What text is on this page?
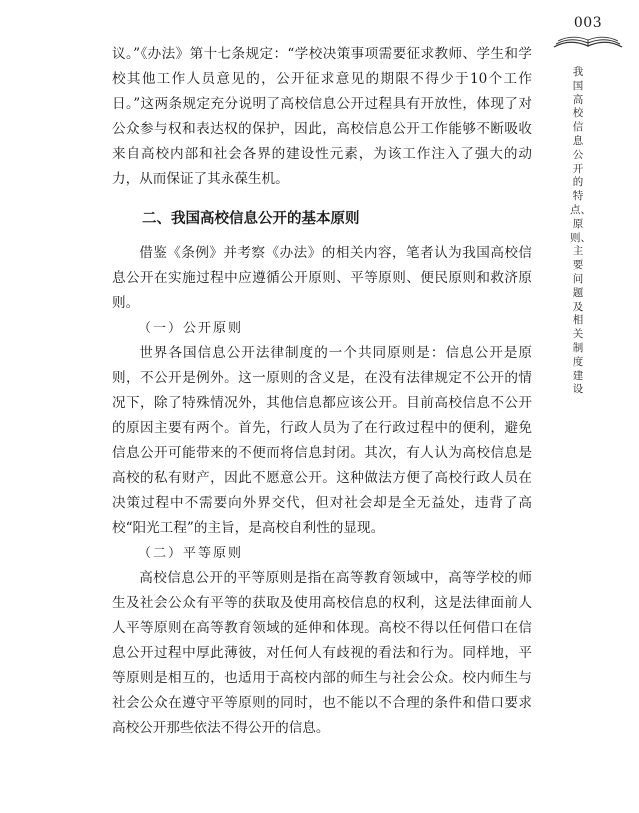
003
我国高校信息公开的特点、原则、主要问题及相关制度建设

议。”《办法》第十七条规定：“学校决策事项需要征求教师、学生和学校其他工作人员意见的，公开征求意见的期限不得少于10个工作日。”这两条规定充分说明了高校信息公开过程具有开放性，体现了对公众参与权和表达权的保护，因此，高校信息公开工作能够不断吸收来自高校内部和社会各界的建设性元素，为该工作注入了强大的动力，从而保证了其永葆生机。

二、我国高校信息公开的基本原则

借鉴《条例》并考察《办法》的相关内容，笔者认为我国高校信息公开在实施过程中应遵循公开原则、平等原则、便民原则和救济原则。

（一）公开原则

世界各国信息公开法律制度的一个共同原则是：信息公开是原则，不公开是例外。这一原则的含义是，在没有法律规定不公开的情况下，除了特殊情况外，其他信息都应该公开。目前高校信息不公开的原因主要有两个。首先，行政人员为了在行政过程中的便利，避免信息公开可能带来的不便而将信息封闭。其次，有人认为高校信息是高校的私有财产，因此不愿意公开。这种做法方便了高校行政人员在决策过程中不需要向外界交代，但对社会却是全无益处，违背了高校“阳光工程”的主旨，是高校自利性的显现。

（二）平等原则

高校信息公开的平等原则是指在高等教育领域中，高等学校的师生及社会公众有平等的获取及使用高校信息的权利，这是法律面前人人平等原则在高等教育领域的延伸和体现。高校不得以任何借口在信息公开过程中厚此薄彼，对任何人有歧视的看法和行为。同样地，平等原则是相互的，也适用于高校内部的师生与社会公众。校内师生与社会公众在遵守平等原则的同时，也不能以不合理的条件和借口要求高校公开那些依法不得公开的信息。
